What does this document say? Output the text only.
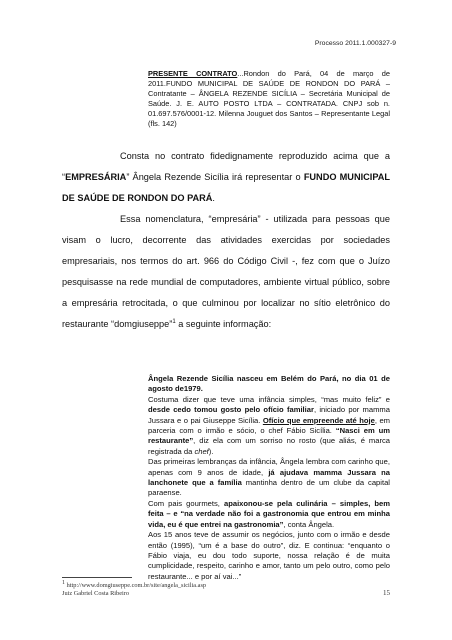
Processo 2011.1.000327-9
PRESENTE CONTRATO...Rondon do Pará, 04 de março de 2011.FUNDO MUNICIPAL DE SAÚDE DE RONDON DO PARÁ – Contratante – ÂNGELA REZENDE SICÍLIA – Secretária Municipal de Saúde. J. E. AUTO POSTO LTDA – CONTRATADA. CNPJ sob n. 01.697.576/0001-12. Milenna Jouguet dos Santos – Representante Legal (fls. 142)
Consta no contrato fidedignamente reproduzido acima que a “EMPRESÁRIA” Ângela Rezende Sicília irá representar o FUNDO MUNICIPAL DE SAÚDE DE RONDON DO PARÁ.
Essa nomenclatura, “empresária” - utilizada para pessoas que visam o lucro, decorrente das atividades exercidas por sociedades empresariais, nos termos do art. 966 do Código Civil -, fez com que o Juízo pesquisasse na rede mundial de computadores, ambiente virtual público, sobre a empresária retrocitada, o que culminou por localizar no sítio eletrônico do restaurante “domgiuseppe”$^1$ a seguinte informação:

Ângela Rezende Sicília nasceu em Belém do Pará, no dia 01 de agosto de1979.

Costuma dizer que teve uma infância simples, “mas muito feliz” e desde cedo tomou gosto pelo ofício familiar, iniciado por mamma Jussara e o pai Giuseppe Sicília. Ofício que empreende até hoje, em parceria com o irmão e sócio, o chef Fábio Sicília. “Nasci em um restaurante”, diz ela com um sorriso no rosto (que aliás, é marca registrada da chef).

Das primeiras lembranças da infância, Ângela lembra com carinho que, apenas com 9 anos de idade, já ajudava mamma Jussara na lanchonete que a família mantinha dentro de um clube da capital paraense.

Com pais gourmets, apaixonou-se pela culinária – simples, bem feita – e “na verdade não foi a gastronomia que entrou em minha vida, eu é que entrei na gastronomia”, conta Ângela.

Aos 15 anos teve de assumir os negócios, junto com o irmão e desde então (1995), “um é a base do outro”, diz. E continua: “enquanto o Fábio viaja, eu dou todo suporte, nossa relação é de muita cumplicidade, respeito, carinho e amor, tanto um pelo outro, como pelo restaurante... e por aí vai...”

1 http://www.domgiuseppe.com.br/site/angela_sicilia.asp
Juiz Gabriel Costa Ribeiro	15
